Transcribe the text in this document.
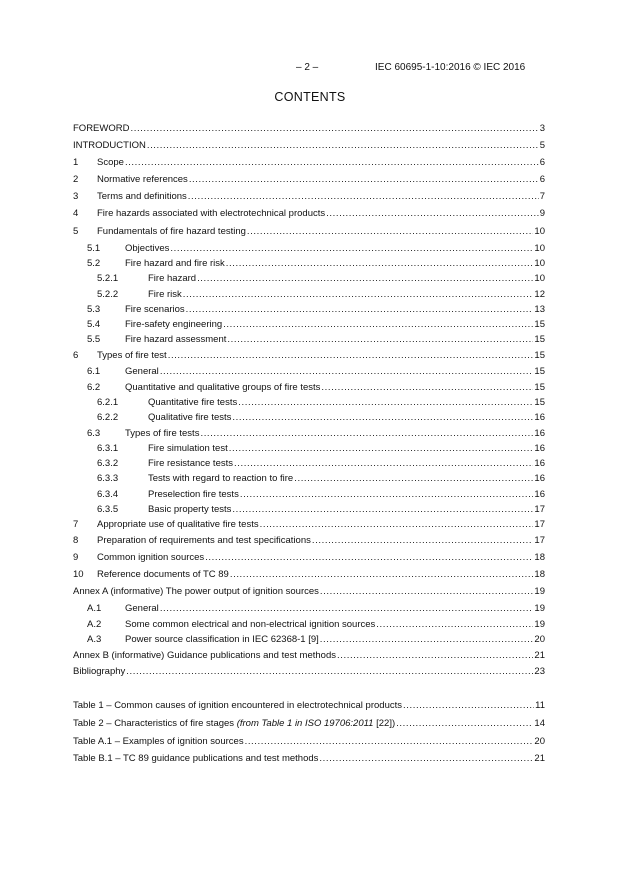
– 2 –	IEC 60695-1-10:2016 © IEC 2016
CONTENTS
FOREWORD .....	3
INTRODUCTION .....	5
1 Scope .....	6
2 Normative references .....	6
3 Terms and definitions .....	7
4 Fire hazards associated with electrotechnical products .....	9
5 Fundamentals of fire hazard testing .....	10
5.1	Objectives .....	10
5.2	Fire hazard and fire risk .....	10
5.2.1	Fire hazard .....	10
5.2.2	Fire risk .....	12
5.3	Fire scenarios .....	13
5.4	Fire-safety engineering .....	15
5.5	Fire hazard assessment .....	15
6 Types of fire test .....	15
6.1	General .....	15
6.2	Quantitative and qualitative groups of fire tests .....	15
6.2.1	Quantitative fire tests .....	15
6.2.2	Qualitative fire tests .....	16
6.3	Types of fire tests .....	16
6.3.1	Fire simulation test .....	16
6.3.2	Fire resistance tests .....	16
6.3.3	Tests with regard to reaction to fire .....	16
6.3.4	Preselection fire tests .....	16
6.3.5	Basic property tests .....	17
7 Appropriate use of qualitative fire tests .....	17
8 Preparation of requirements and test specifications .....	17
9 Common ignition sources .....	18
10 Reference documents of TC 89 .....	18
Annex A (informative) The power output of ignition sources .....	19
A.1 General .....	19
A.2 Some common electrical and non-electrical ignition sources .....	19
A.3 Power source classification in IEC 62368-1 [9] .....	20
Annex B (informative) Guidance publications and test methods .....	21
Bibliography .....	23
Table 1 – Common causes of ignition encountered in electrotechnical products .....	11
Table 2 – Characteristics of fire stages (from Table 1 in ISO 19706:2011 [22]) .....	14
Table A.1 – Examples of ignition sources .....	20
Table B.1 – TC 89 guidance publications and test methods .....	21
